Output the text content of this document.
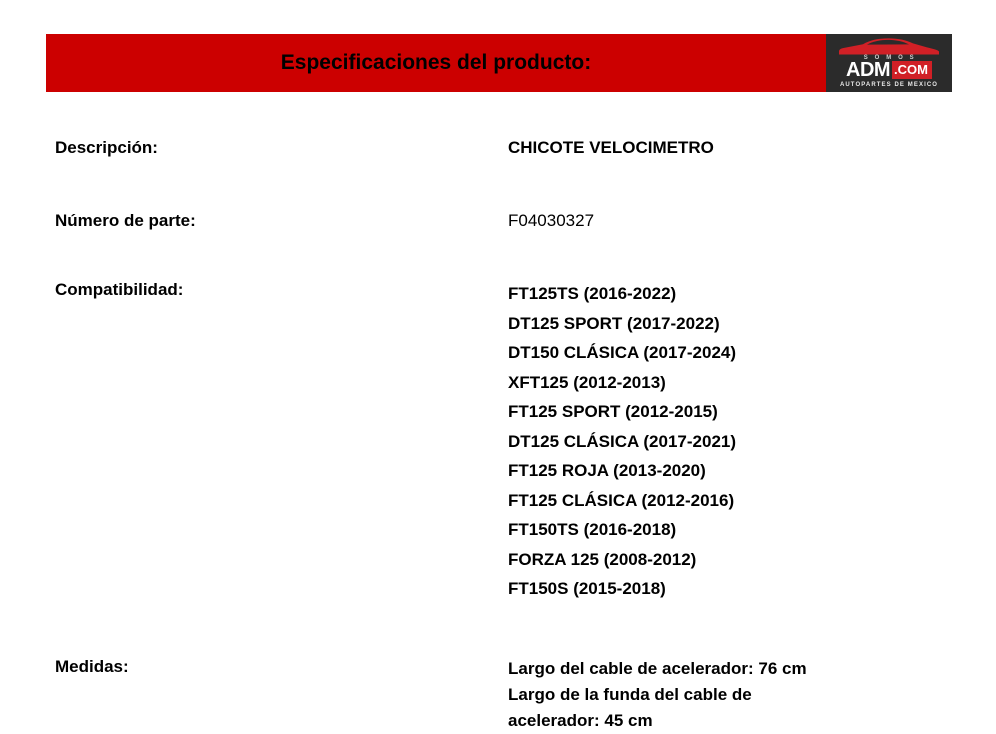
Especificaciones del producto:	S O M O S
ADM .COM
AUTOPARTES DE MEXICO
Descripción:	CHICOTE VELOCIMETRO
Número de parte:	F04030327
Compatibilidad:	FT125TS (2016-2022)
DT125 SPORT (2017-2022)
DT150 CLÁSICA (2017-2024)
XFT125 (2012-2013)
FT125 SPORT (2012-2015)
DT125 CLÁSICA (2017-2021)
FT125 ROJA (2013-2020)
FT125 CLÁSICA (2012-2016)
FT150TS (2016-2018)
FORZA 125 (2008-2012)
FT150S (2015-2018)
Medidas:	Largo del cable de acelerador: 76 cm
Largo de la funda del cable de acelerador: 45 cm
